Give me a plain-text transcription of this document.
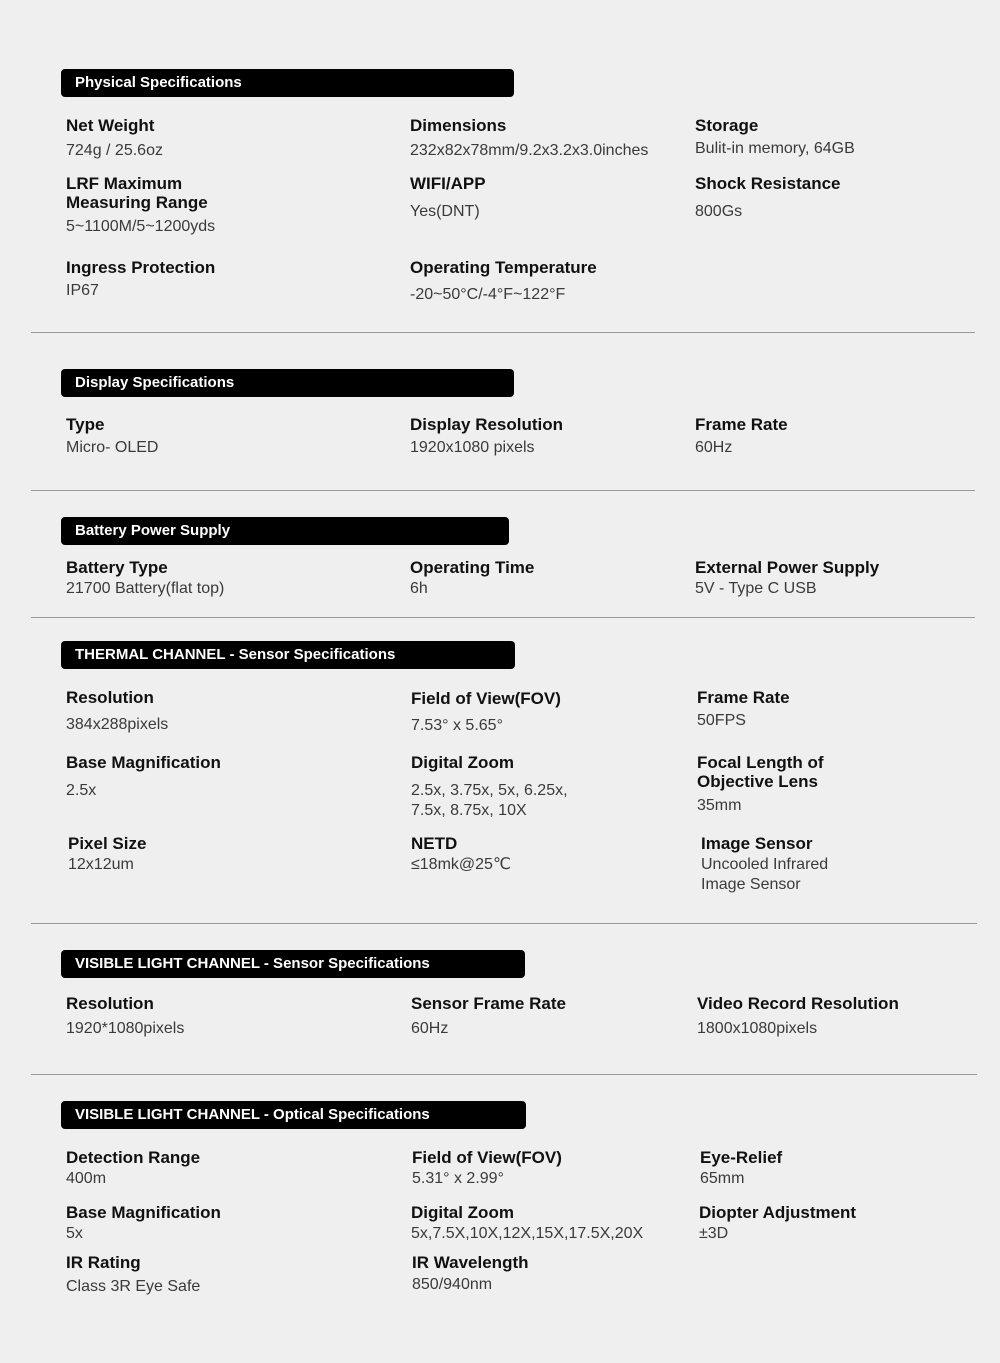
Physical Specifications
Net Weight
724g / 25.6oz
Dimensions
232x82x78mm/9.2x3.2x3.0inches
Storage
Bulit-in memory, 64GB
LRF Maximum Measuring Range
5~1100M/5~1200yds
WIFI/APP
Yes(DNT)
Shock Resistance
800Gs
Ingress Protection
IP67
Operating Temperature
-20~50°C/-4°F~122°F
Display Specifications
Type
Micro- OLED
Display Resolution
1920x1080 pixels
Frame Rate
60Hz
Battery Power Supply
Battery Type
21700 Battery(flat top)
Operating Time
6h
External Power Supply
5V - Type C USB
THERMAL CHANNEL - Sensor Specifications
Resolution
384x288pixels
Field of View(FOV)
7.53° x 5.65°
Frame Rate
50FPS
Base Magnification
2.5x
Digital Zoom
2.5x, 3.75x, 5x, 6.25x, 7.5x, 8.75x, 10X
Focal Length of Objective Lens
35mm
Pixel Size
12x12um
NETD
≤18mk@25℃
Image Sensor
Uncooled Infrared Image Sensor
VISIBLE LIGHT CHANNEL - Sensor Specifications
Resolution
1920*1080pixels
Sensor Frame Rate
60Hz
Video Record Resolution
1800x1080pixels
VISIBLE LIGHT CHANNEL - Optical Specifications
Detection Range
400m
Field of View(FOV)
5.31° x 2.99°
Eye-Relief
65mm
Base Magnification
5x
Digital Zoom
5x,7.5X,10X,12X,15X,17.5X,20X
Diopter Adjustment
±3D
IR Rating
Class 3R Eye Safe
IR Wavelength
850/940nm
